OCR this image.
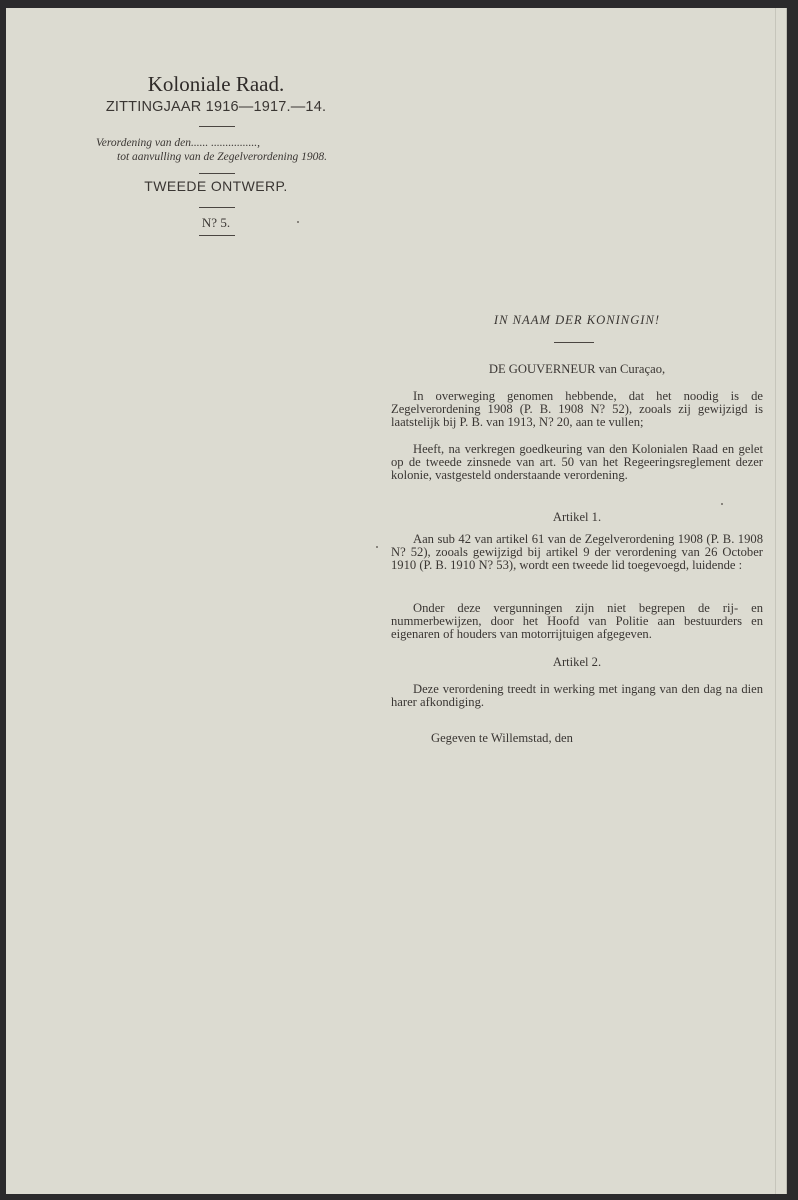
Koloniale Raad.
ZITTINGJAAR 1916—1917.—14.
Verordening van den...... ................,
tot aanvulling van de Zegelverordening 1908.
TWEEDE ONTWERP.
N? 5.
IN NAAM DER KONINGIN!
DE GOUVERNEUR van Curaçao,
In overweging genomen hebbende, dat het noodig is de Zegelverordening 1908 (P. B. 1908 N? 52), zooals zij gewijzigd is laatstelijk bij P. B. van 1913, N? 20, aan te vullen;
Heeft, na verkregen goedkeuring van den Kolonialen Raad en gelet op de tweede zinsnede van art. 50 van het Regeeringsreglement dezer kolonie, vastgesteld onderstaande verordening.
Artikel 1.
Aan sub 42 van artikel 61 van de Zegelverordening 1908 (P. B. 1908 N? 52), zooals gewijzigd bij artikel 9 der verordening van 26 October 1910 (P. B. 1910 N? 53), wordt een tweede lid toegevoegd, luidende :
Onder deze vergunningen zijn niet begrepen de rij- en nummerbewijzen, door het Hoofd van Politie aan bestuurders en eigenaren of houders van motorrijtuigen afgegeven.
Artikel 2.
Deze verordening treedt in werking met ingang van den dag na dien harer afkondiging.
Gegeven te Willemstad, den
